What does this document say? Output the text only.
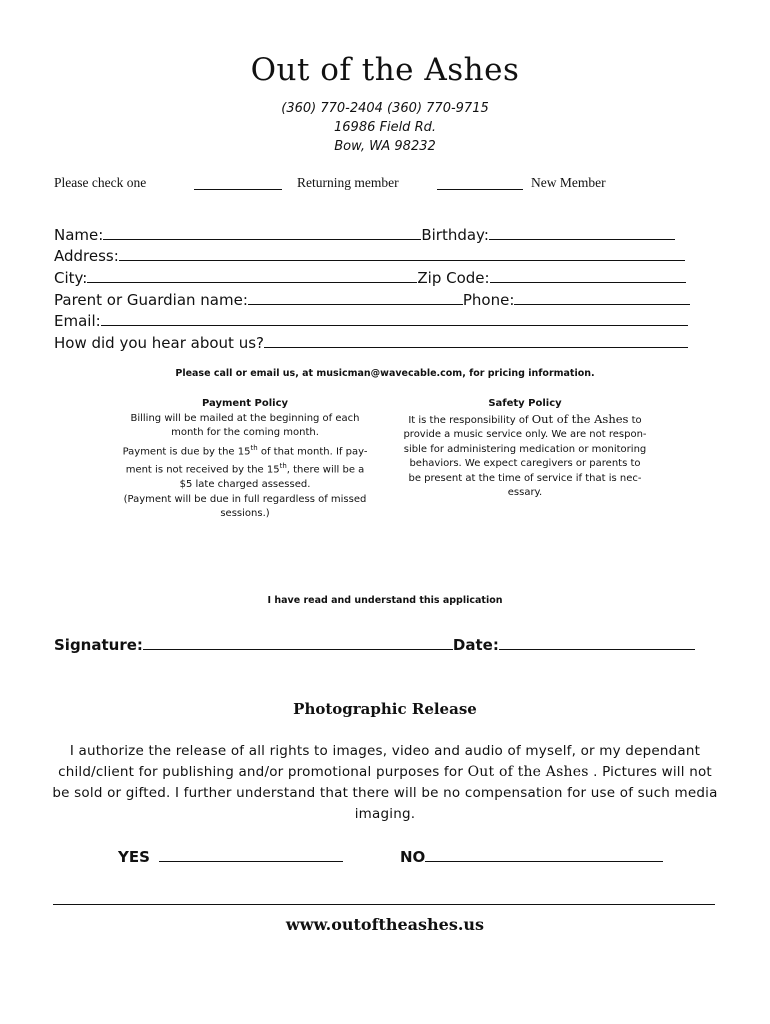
Out of the Ashes
(360) 770-2404 (360) 770-9715
16986 Field Rd.
Bow, WA 98232
Please check one	Returning member	New Member
Name:	Birthday:
Address:
City:	Zip Code:
Parent or Guardian name:	Phone:
Email:
How did you hear about us?
Please call or email us, at musicman@wavecable.com, for pricing information.
Payment Policy
Billing will be mailed at the beginning of each
month for the coming month.
Payment is due by the 15th of that month. If pay-
ment is not received by the 15th, there will be a
$5 late charged assessed.
(Payment will be due in full regardless of missed
sessions.)
Safety Policy
It is the responsibility of Out of the Ashes to
provide a music service only. We are not respon-
sible for administering medication or monitoring
behaviors. We expect caregivers or parents to
be present at the time of service if that is nec-
essary.
I have read and understand this application
Signature:	Date:
Photographic Release
I authorize the release of all rights to images, video and audio of myself, or my dependant child/client for publishing and/or promotional purposes for Out of the Ashes . Pictures will not be sold or gifted. I further understand that there will be no compensation for use of such media imaging.
YES	NO
www.outoftheashes.us
